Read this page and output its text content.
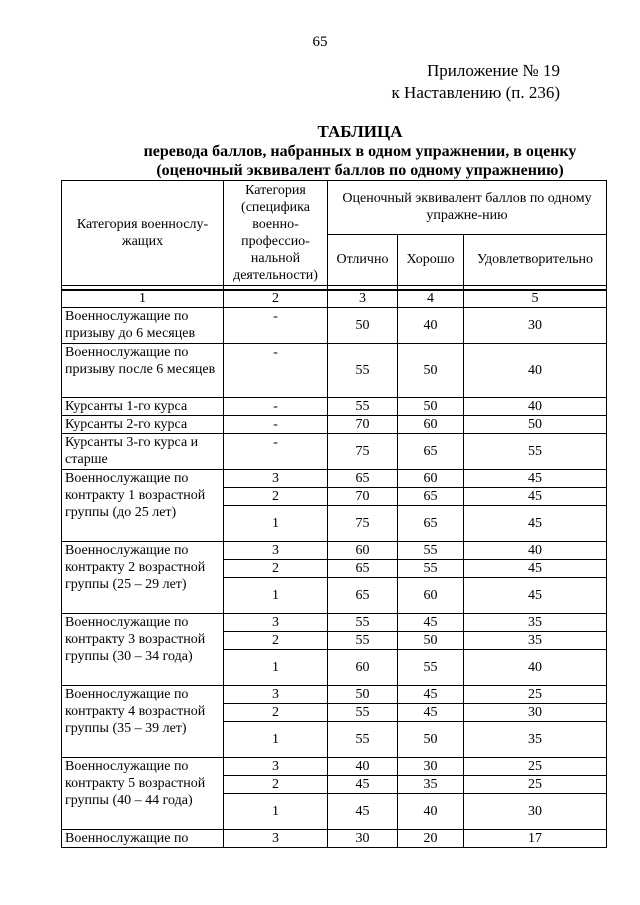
65
Приложение № 19
к Наставлению (п. 236)
ТАБЛИЦА
перевода баллов, набранных в одном упражнении, в оценку
(оценочный эквивалент баллов по одному упражнению)
Категория военнослу-жащих	Категория (специфика военно-профессио-нальной деятельности)	Оценочный эквивалент баллов по одному упражне-нию		
		Отлично	Хорошо	Удовлетворительно

1	2	3	4	5
Военнослужащие по призыву до 6 месяцев	-	50	40	30
Военнослужащие по призыву после 6 месяцев	-	55	50	40
Курсанты 1-го курса	-	55	50	40
Курсанты 2-го курса	-	70	60	50
Курсанты 3-го курса и старше	-	75	65	55
Военнослужащие по контракту 1 возрастной группы (до 25 лет)	3	65	60	45
	2	70	65	45
	1	75	65	45
Военнослужащие по контракту 2 возрастной группы (25 – 29 лет)	3	60	55	40
	2	65	55	45
	1	65	60	45
Военнослужащие по контракту 3 возрастной группы (30 – 34 года)	3	55	45	35
	2	55	50	35
	1	60	55	40
Военнослужащие по контракту 4 возрастной группы (35 – 39 лет)	3	50	45	25
	2	55	45	30
	1	55	50	35
Военнослужащие по контракту 5 возрастной группы (40 – 44 года)	3	40	30	25
	2	45	35	25
	1	45	40	30
Военнослужащие по	3	30	20	17
